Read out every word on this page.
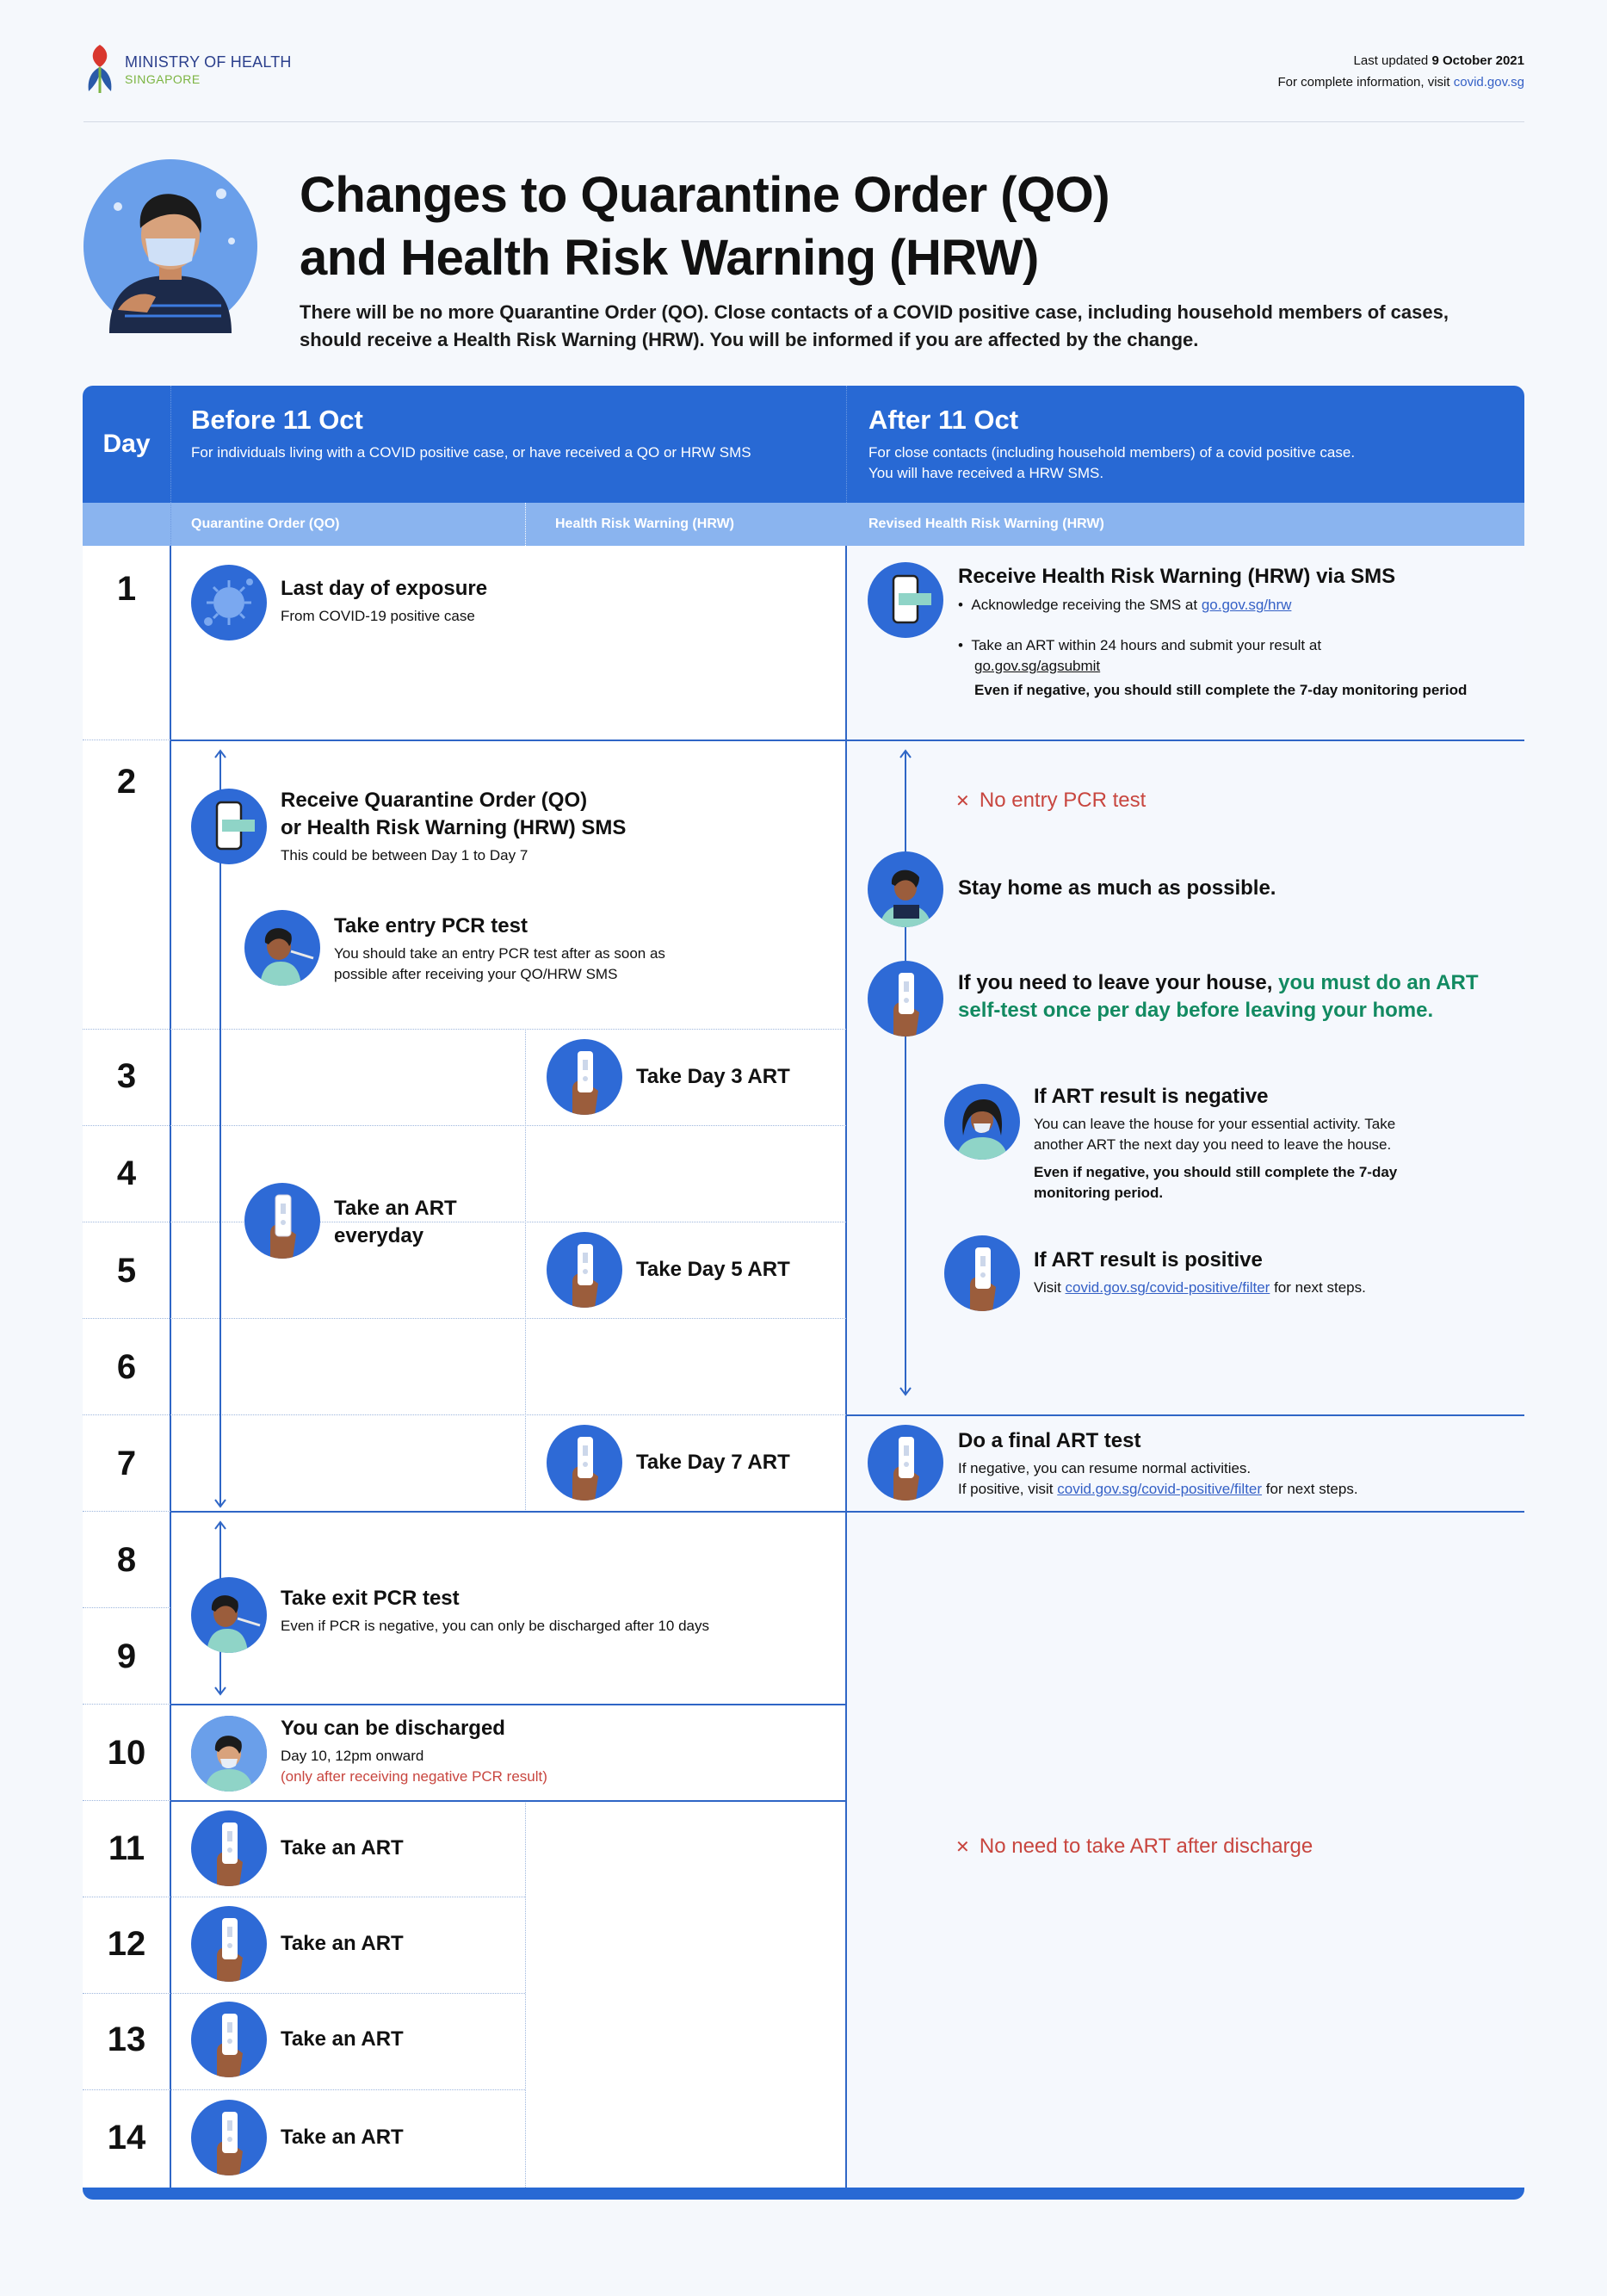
MINISTRY OF HEALTH
SINGAPORE
Last updated 9 October 2021
For complete information, visit covid.gov.sg
Changes to Quarantine Order (QO)
and Health Risk Warning (HRW)
There will be no more Quarantine Order (QO). Close contacts of a COVID positive case, including household members of cases, should receive a Health Risk Warning (HRW). You will be informed if you are affected by the change.
Day
Before 11 Oct
For individuals living with a COVID positive case, or have received a QO or HRW SMS
After 11 Oct
For close contacts (including household members) of a covid positive case.
You will have received a HRW SMS.
Quarantine Order (QO)	Health Risk Warning (HRW)	Revised Health Risk Warning (HRW)
1
2
3
4
5
6
7
8
9
10
11
12
13
14
Last day of exposure
From COVID-19 positive case
Receive Quarantine Order (QO)
or Health Risk Warning (HRW) SMS
This could be between Day 1 to Day 7
Take entry PCR test
You should take an entry PCR test after as soon as
possible after receiving your QO/HRW SMS
Take an ART
everyday
Take Day 3 ART
Take Day 5 ART
Take Day 7 ART
Take exit PCR test
Even if PCR is negative, you can only be discharged after 10 days
You can be discharged
Day 10, 12pm onward
(only after receiving negative PCR result)
Take an ART
Take an ART
Take an ART
Take an ART
Receive Health Risk Warning (HRW) via SMS
•  Acknowledge receiving the SMS at go.gov.sg/hrw
•  Take an ART within 24 hours and submit your result at
go.gov.sg/agsubmit
Even if negative, you should still complete the 7-day monitoring period
✕  No entry PCR test
Stay home as much as possible.
If you need to leave your house, you must do an ART
self-test once per day before leaving your home.
If ART result is negative
You can leave the house for your essential activity. Take
another ART the next day you need to leave the house.
Even if negative, you should still complete the 7-day
monitoring period.
If ART result is positive
Visit covid.gov.sg/covid-positive/filter for next steps.
Do a final ART test
If negative, you can resume normal activities.
If positive, visit covid.gov.sg/covid-positive/filter for next steps.
✕  No need to take ART after discharge
